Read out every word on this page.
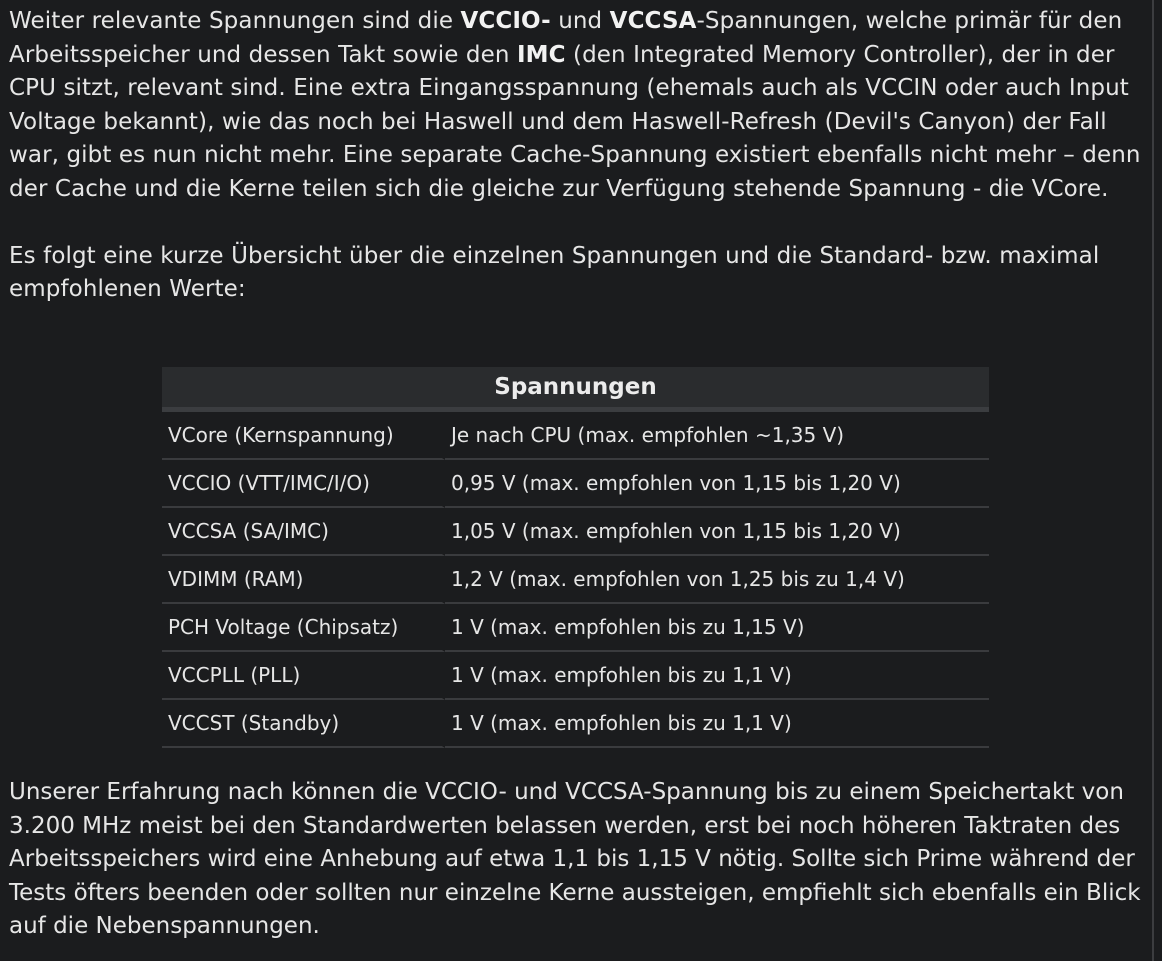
Weiter relevante Spannungen sind die VCCIO- und VCCSA-Spannungen, welche primär für den Arbeitsspeicher und dessen Takt sowie den IMC (den Integrated Memory Controller), der in der CPU sitzt, relevant sind. Eine extra Eingangsspannung (ehemals auch als VCCIN oder auch Input Voltage bekannt), wie das noch bei Haswell und dem Haswell-Refresh (Devil's Canyon) der Fall war, gibt es nun nicht mehr. Eine separate Cache-Spannung existiert ebenfalls nicht mehr – denn der Cache und die Kerne teilen sich die gleiche zur Verfügung stehende Spannung - die VCore.

Es folgt eine kurze Übersicht über die einzelnen Spannungen und die Standard- bzw. maximal empfohlenen Werte:

Spannungen	
VCore (Kernspannung)	Je nach CPU (max. empfohlen ~1,35 V)
VCCIO (VTT/IMC/I/O)	0,95 V (max. empfohlen von 1,15 bis 1,20 V)
VCCSA (SA/IMC)	1,05 V (max. empfohlen von 1,15 bis 1,20 V)
VDIMM (RAM)	1,2 V (max. empfohlen von 1,25 bis zu 1,4 V)
PCH Voltage (Chipsatz)	1 V (max. empfohlen bis zu 1,15 V)
VCCPLL (PLL)	1 V (max. empfohlen bis zu 1,1 V)
VCCST (Standby)	1 V (max. empfohlen bis zu 1,1 V)

Unserer Erfahrung nach können die VCCIO- und VCCSA-Spannung bis zu einem Speichertakt von 3.200 MHz meist bei den Standardwerten belassen werden, erst bei noch höheren Taktraten des Arbeitsspeichers wird eine Anhebung auf etwa 1,1 bis 1,15 V nötig. Sollte sich Prime während der Tests öfters beenden oder sollten nur einzelne Kerne aussteigen, empfiehlt sich ebenfalls ein Blick auf die Nebenspannungen.
